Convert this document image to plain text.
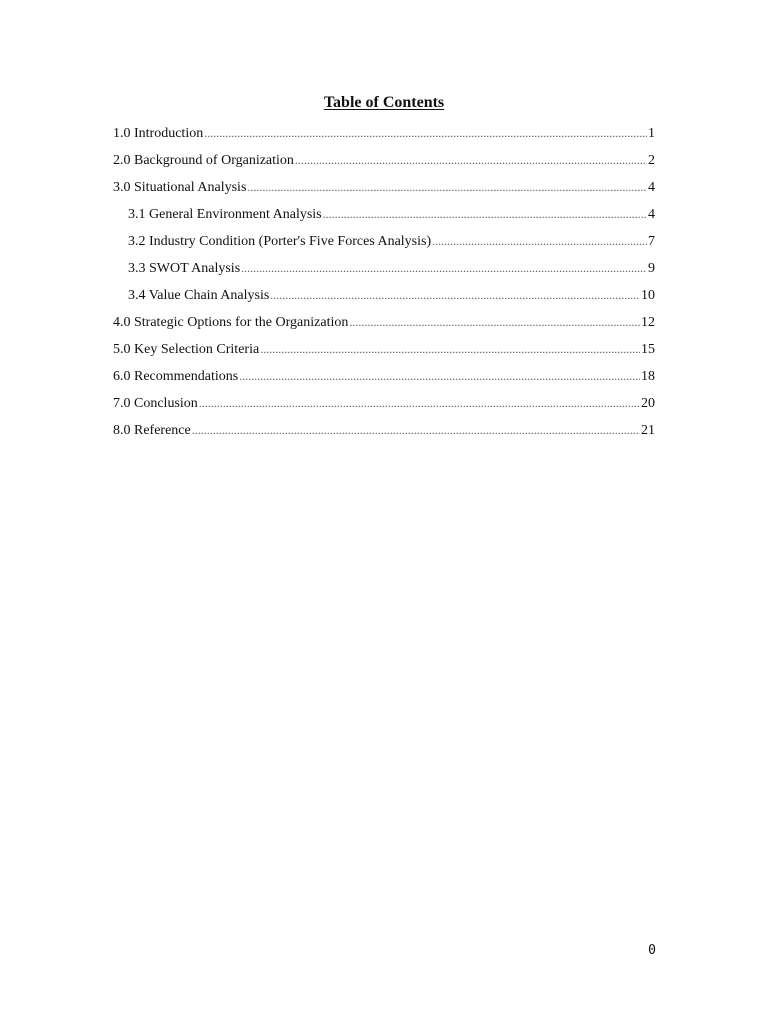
Table of Contents
1.0 Introduction .....	1
2.0 Background of Organization .....	2
3.0 Situational Analysis .....	4
3.1 General Environment Analysis .....	4
3.2 Industry Condition (Porter's Five Forces Analysis) .....	7
3.3 SWOT Analysis .....	9
3.4 Value Chain Analysis .....	10
4.0 Strategic Options for the Organization .....	12
5.0 Key Selection Criteria .....	15
6.0 Recommendations .....	18
7.0 Conclusion .....	20
8.0 Reference .....	21
0
